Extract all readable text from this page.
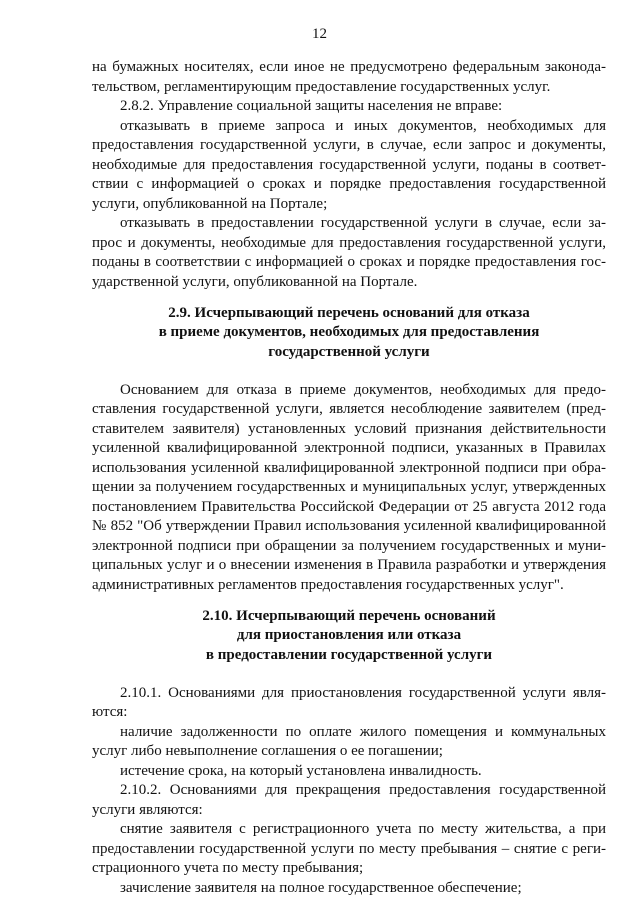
12
на бумажных носителях, если иное не предусмотрено федеральным законода-
тельством, регламентирующим предоставление государственных услуг.
2.8.2. Управление социальной защиты населения не вправе:
отказывать в приеме запроса и иных документов, необходимых для
предоставления государственной услуги, в случае, если запрос и документы,
необходимые для предоставления государственной услуги, поданы в соответ-
ствии с информацией о сроках и порядке предоставления государственной
услуги, опубликованной на Портале;
отказывать в предоставлении государственной услуги в случае, если за-
прос и документы, необходимые для предоставления государственной услуги,
поданы в соответствии с информацией о сроках и порядке предоставления гос-
ударственной услуги, опубликованной на Портале.
2.9. Исчерпывающий перечень оснований для отказа
в приеме документов, необходимых для предоставления
государственной услуги
Основанием для отказа в приеме документов, необходимых для предо-
ставления государственной услуги, является несоблюдение заявителем (пред-
ставителем заявителя) установленных условий признания действительности
усиленной квалифицированной электронной подписи, указанных в Правилах
использования усиленной квалифицированной электронной подписи при обра-
щении за получением государственных и муниципальных услуг, утвержденных
постановлением Правительства Российской Федерации от 25 августа 2012 года
№ 852 "Об утверждении Правил использования усиленной квалифицированной
электронной подписи при обращении за получением государственных и муни-
ципальных услуг и о внесении изменения в Правила разработки и утверждения
административных регламентов предоставления государственных услуг".
2.10. Исчерпывающий перечень оснований
для приостановления или отказа
в предоставлении государственной услуги
2.10.1. Основаниями для приостановления государственной услуги явля-
ются:
наличие задолженности по оплате жилого помещения и коммунальных
услуг либо невыполнение соглашения о ее погашении;
истечение срока, на который установлена инвалидность.
2.10.2. Основаниями для прекращения предоставления государственной
услуги являются:
снятие заявителя с регистрационного учета по месту жительства, а при
предоставлении государственной услуги по месту пребывания – снятие с реги-
страционного учета по месту пребывания;
зачисление заявителя на полное государственное обеспечение;
